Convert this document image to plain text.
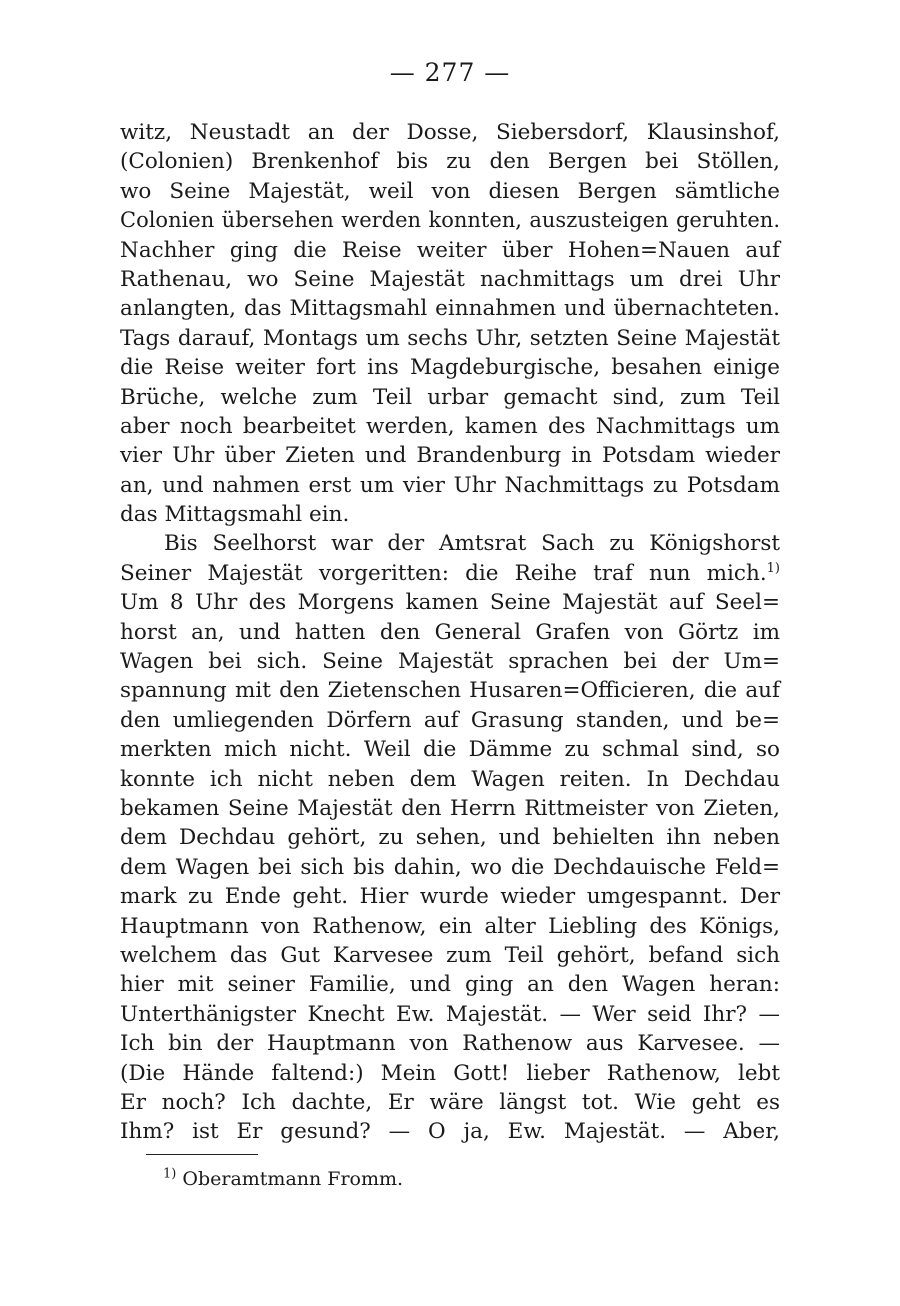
— 277 —
witz, Neustadt an der Dosse, Siebersdorf, Klausinshof,
(Colonien) Brenkenhof bis zu den Bergen bei Stöllen,
wo Seine Majestät, weil von diesen Bergen sämtliche
Colonien übersehen werden konnten, auszusteigen geruhten.
Nachher ging die Reise weiter über Hohen=Nauen auf
Rathenau, wo Seine Majestät nachmittags um drei Uhr
anlangten, das Mittagsmahl einnahmen und übernachteten.
Tags darauf, Montags um sechs Uhr, setzten Seine Majestät
die Reise weiter fort ins Magdeburgische, besahen einige
Brüche, welche zum Teil urbar gemacht sind, zum Teil
aber noch bearbeitet werden, kamen des Nachmittags um
vier Uhr über Zieten und Brandenburg in Potsdam wieder
an, und nahmen erst um vier Uhr Nachmittags zu Potsdam
das Mittagsmahl ein.
Bis Seelhorst war der Amtsrat Sach zu Königshorst
Seiner Majestät vorgeritten: die Reihe traf nun mich.$^{1)}$
Um 8 Uhr des Morgens kamen Seine Majestät auf Seel=
horst an, und hatten den General Grafen von Görtz im
Wagen bei sich. Seine Majestät sprachen bei der Um=
spannung mit den Zietenschen Husaren=Officieren, die auf
den umliegenden Dörfern auf Grasung standen, und be=
merkten mich nicht. Weil die Dämme zu schmal sind, so
konnte ich nicht neben dem Wagen reiten. In Dechdau
bekamen Seine Majestät den Herrn Rittmeister von Zieten,
dem Dechdau gehört, zu sehen, und behielten ihn neben
dem Wagen bei sich bis dahin, wo die Dechdauische Feld=
mark zu Ende geht. Hier wurde wieder umgespannt. Der
Hauptmann von Rathenow, ein alter Liebling des Königs,
welchem das Gut Karvesee zum Teil gehört, befand sich
hier mit seiner Familie, und ging an den Wagen heran:
Unterthänigster Knecht Ew. Majestät. — Wer seid Ihr? —
Ich bin der Hauptmann von Rathenow aus Karvesee. —
(Die Hände faltend:) Mein Gott! lieber Rathenow, lebt
Er noch? Ich dachte, Er wäre längst tot. Wie geht es
Ihm? ist Er gesund? — O ja, Ew. Majestät. — Aber,
$^{1)}$ Oberamtmann Fromm.
